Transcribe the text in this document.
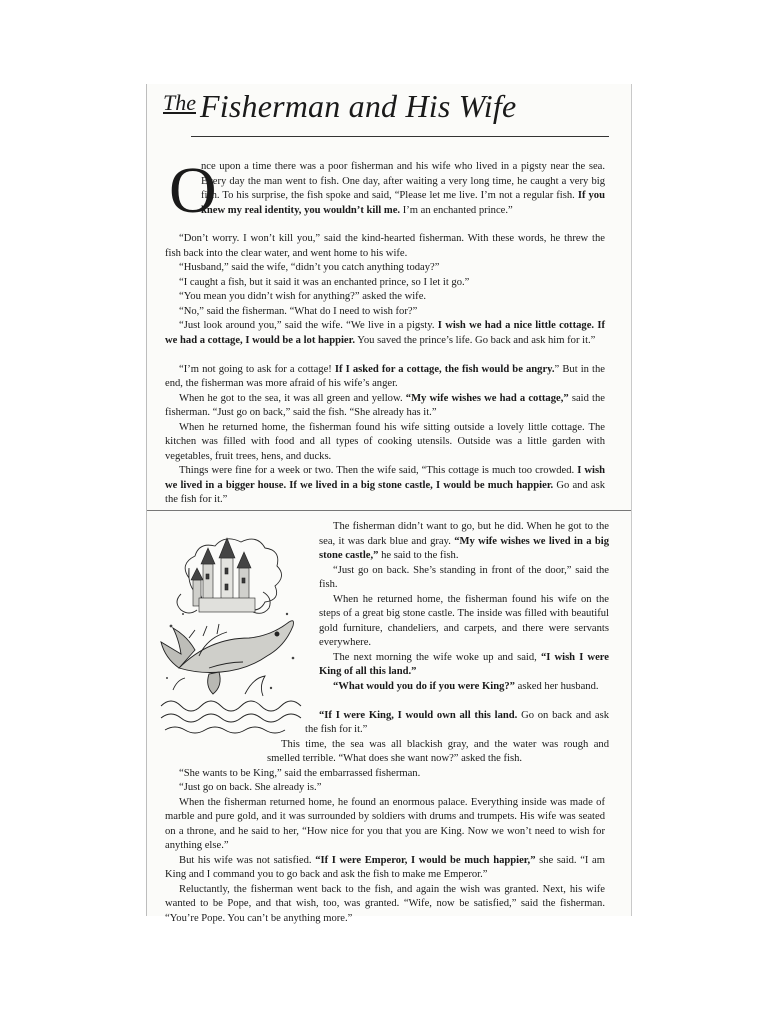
The Fisherman and His Wife
O

nce upon a time there was a poor fisherman and his wife who lived in a pigsty near the sea. Every day the man went to fish. One day, after waiting a very long time, he caught a very big fish. To his surprise, the fish spoke and said, “Please let me live. I’m not a regular fish. If you knew my real identity, you wouldn’t kill me. I’m an enchanted prince.”

“Don’t worry. I won’t kill you,” said the kind-hearted fisherman. With these words, he threw the fish back into the clear water, and went home to his wife.

“Husband,” said the wife, “didn’t you catch anything today?”

“I caught a fish, but it said it was an enchanted prince, so I let it go.”

“You mean you didn’t wish for anything?” asked the wife.

“No,” said the fisherman. “What do I need to wish for?”

“Just look around you,” said the wife. “We live in a pigsty. I wish we had a nice little cottage. If we had a cottage, I would be a lot happier. You saved the prince’s life. Go back and ask him for it.”

“I’m not going to ask for a cottage! If I asked for a cottage, the fish would be angry.” But in the end, the fisherman was more afraid of his wife’s anger.

When he got to the sea, it was all green and yellow. “My wife wishes we had a cottage,” said the fisherman. “Just go on back,” said the fish. “She already has it.”

When he returned home, the fisherman found his wife sitting outside a lovely little cottage. The kitchen was filled with food and all types of cooking utensils. Outside was a little garden with vegetables, fruit trees, hens, and ducks.

Things were fine for a week or two. Then the wife said, “This cottage is much too crowded. I wish we lived in a bigger house. If we lived in a big stone castle, I would be much happier. Go and ask the fish for it.”

The fisherman didn’t want to go, but he did. When he got to the sea, it was dark blue and gray. “My wife wishes we lived in a big stone castle,” he said to the fish.

“Just go on back. She’s standing in front of the door,” said the fish.

When he returned home, the fisherman found his wife on the steps of a great big stone castle. The inside was filled with beautiful gold furniture, chandeliers, and carpets, and there were servants everywhere.

The next morning the wife woke up and said, “I wish I were King of all this land.”

“What would you do if you were King?” asked her husband.

“If I were King, I would own all this land. Go on back and ask the fish for it.”

This time, the sea was all blackish gray, and the water was rough and smelled terrible. “What does she want now?” asked the fish.

“She wants to be King,” said the embarrassed fisherman.

“Just go on back. She already is.”

When the fisherman returned home, he found an enormous palace. Everything inside was made of marble and pure gold, and it was surrounded by soldiers with drums and trumpets. His wife was seated on a throne, and he said to her, “How nice for you that you are King. Now we won’t need to wish for anything else.”

But his wife was not satisfied. “If I were Emperor, I would be much happier,” she said. “I am King and I command you to go back and ask the fish to make me Emperor.”

Reluctantly, the fisherman went back to the fish, and again the wish was granted. Next, his wife wanted to be Pope, and that wish, too, was granted. “Wife, now be satisfied,” said the fisherman. “You’re Pope. You can’t be anything more.”
